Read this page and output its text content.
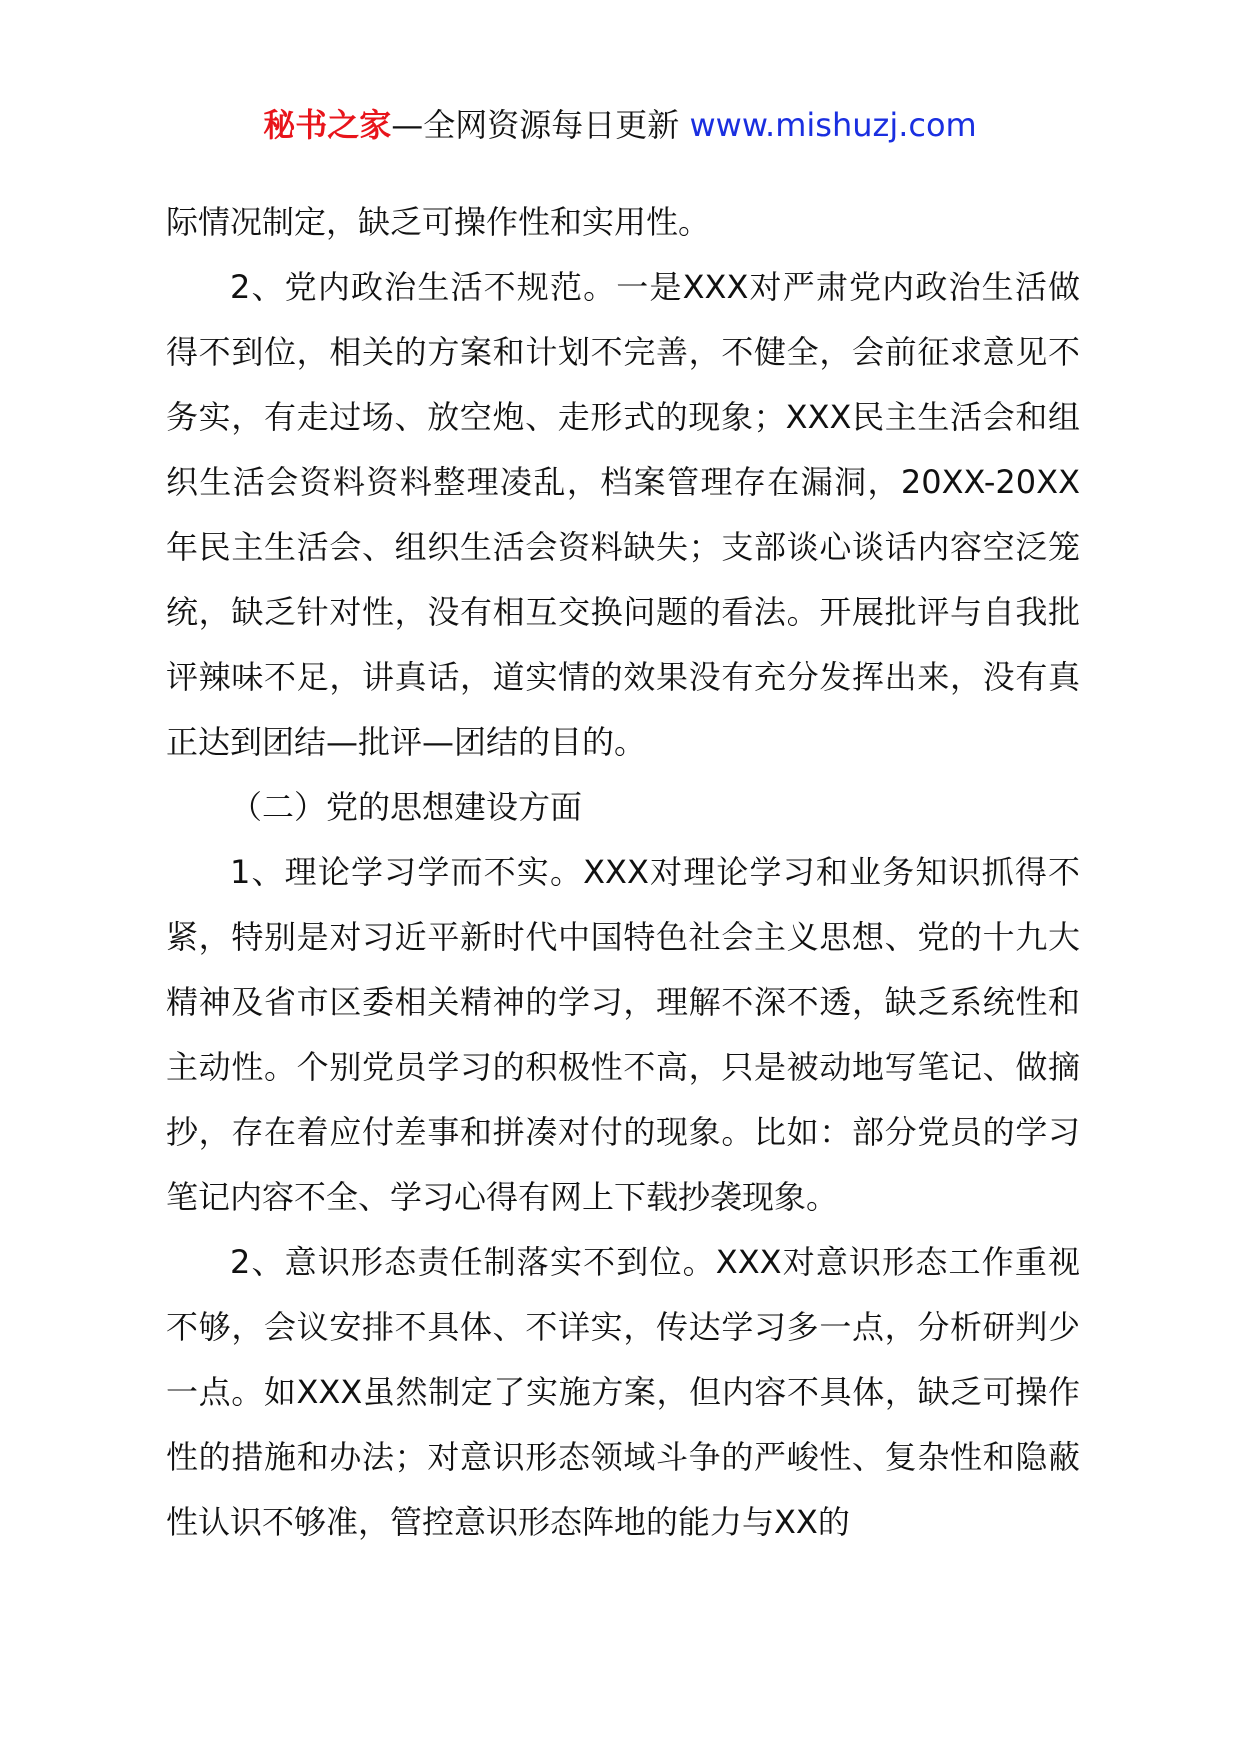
秘书之家—全网资源每日更新 www.mishuzj.com

际情况制定，缺乏可操作性和实用性。

2、党内政治生活不规范。一是XXX对严肃党内政治生活做得不到位，相关的方案和计划不完善，不健全，会前征求意见不务实，有走过场、放空炮、走形式的现象；XXX民主生活会和组织生活会资料资料整理凌乱，档案管理存在漏洞，20XX-20XX年民主生活会、组织生活会资料缺失；支部谈心谈话内容空泛笼统，缺乏针对性，没有相互交换问题的看法。开展批评与自我批评辣味不足，讲真话，道实情的效果没有充分发挥出来，没有真正达到团结—批评—团结的目的。

（二）党的思想建设方面

1、理论学习学而不实。XXX对理论学习和业务知识抓得不紧，特别是对习近平新时代中国特色社会主义思想、党的十九大精神及省市区委相关精神的学习，理解不深不透，缺乏系统性和主动性。个别党员学习的积极性不高，只是被动地写笔记、做摘抄，存在着应付差事和拼凑对付的现象。比如：部分党员的学习笔记内容不全、学习心得有网上下载抄袭现象。

2、意识形态责任制落实不到位。XXX对意识形态工作重视不够，会议安排不具体、不详实，传达学习多一点，分析研判少一点。如XXX虽然制定了实施方案，但内容不具体，缺乏可操作性的措施和办法；对意识形态领域斗争的严峻性、复杂性和隐蔽性认识不够准，管控意识形态阵地的能力与XX的
